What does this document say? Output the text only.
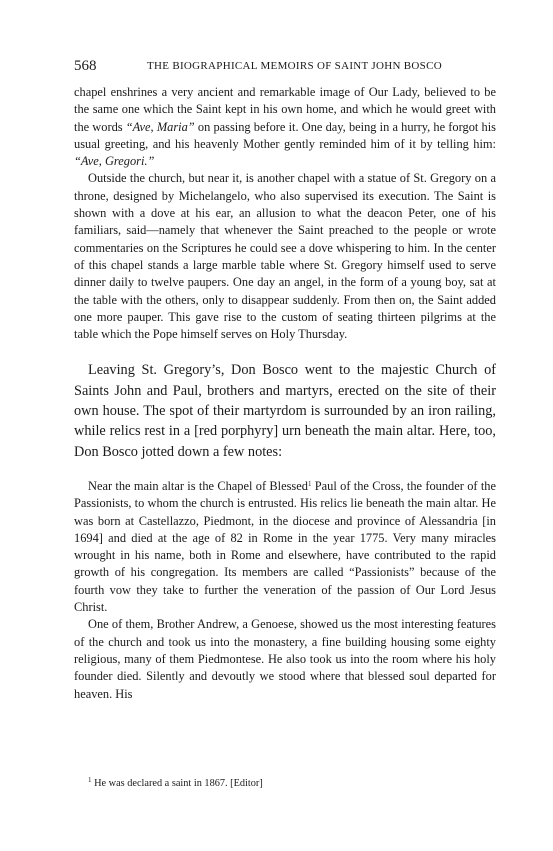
568	THE BIOGRAPHICAL MEMOIRS OF SAINT JOHN BOSCO

chapel enshrines a very ancient and remarkable image of Our Lady, believed to be the same one which the Saint kept in his own home, and which he would greet with the words “Ave, Maria” on passing before it. One day, being in a hurry, he forgot his usual greeting, and his heavenly Mother gently reminded him of it by telling him: “Ave, Gregori.”

Outside the church, but near it, is another chapel with a statue of St. Gregory on a throne, designed by Michelangelo, who also supervised its execution. The Saint is shown with a dove at his ear, an allusion to what the deacon Peter, one of his familiars, said—namely that whenever the Saint preached to the people or wrote commentaries on the Scriptures he could see a dove whispering to him. In the center of this chapel stands a large marble table where St. Gregory himself used to serve dinner daily to twelve paupers. One day an angel, in the form of a young boy, sat at the table with the others, only to disappear suddenly. From then on, the Saint added one more pauper. This gave rise to the custom of seating thirteen pilgrims at the table which the Pope himself serves on Holy Thursday.

Leaving St. Gregory’s, Don Bosco went to the majestic Church of Saints John and Paul, brothers and martyrs, erected on the site of their own house. The spot of their martyrdom is surrounded by an iron railing, while relics rest in a [red porphyry] urn beneath the main altar. Here, too, Don Bosco jotted down a few notes:

Near the main altar is the Chapel of Blessed$^1$ Paul of the Cross, the founder of the Passionists, to whom the church is entrusted. His relics lie beneath the main altar. He was born at Castellazzo, Piedmont, in the diocese and province of Alessandria [in 1694] and died at the age of 82 in Rome in the year 1775. Very many miracles wrought in his name, both in Rome and elsewhere, have contributed to the rapid growth of his congregation. Its members are called “Passionists” because of the fourth vow they take to further the veneration of the passion of Our Lord Jesus Christ.

One of them, Brother Andrew, a Genoese, showed us the most interesting features of the church and took us into the monastery, a fine building housing some eighty religious, many of them Piedmontese. He also took us into the room where his holy founder died. Silently and devoutly we stood where that blessed soul departed for heaven. His

$^1$ He was declared a saint in 1867. [Editor]
